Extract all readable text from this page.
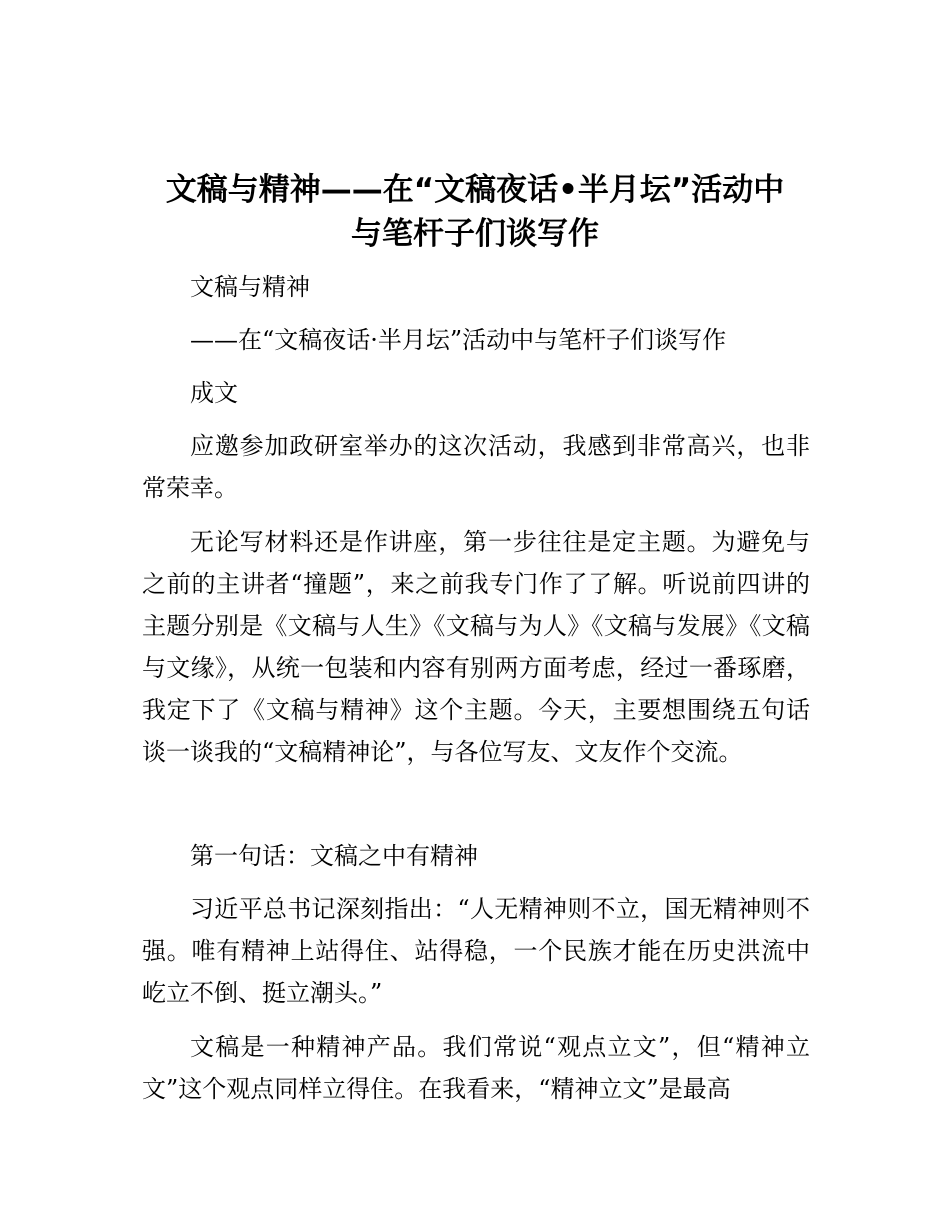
文稿与精神——在“文稿夜话•半月坛”活动中
与笔杆子们谈写作

文稿与精神

——在“文稿夜话·半月坛”活动中与笔杆子们谈写作

成文

应邀参加政研室举办的这次活动，我感到非常高兴，也非常荣幸。

无论写材料还是作讲座，第一步往往是定主题。为避免与之前的主讲者“撞题”，来之前我专门作了了解。听说前四讲的主题分别是《文稿与人生》《文稿与为人》《文稿与发展》《文稿与文缘》，从统一包装和内容有别两方面考虑，经过一番琢磨，我定下了《文稿与精神》这个主题。今天，主要想围绕五句话谈一谈我的“文稿精神论”，与各位写友、文友作个交流。

第一句话：文稿之中有精神

习近平总书记深刻指出：“人无精神则不立，国无精神则不强。唯有精神上站得住、站得稳，一个民族才能在历史洪流中屹立不倒、挺立潮头。”

文稿是一种精神产品。我们常说“观点立文”，但“精神立文”这个观点同样立得住。在我看来，“精神立文”是最高
